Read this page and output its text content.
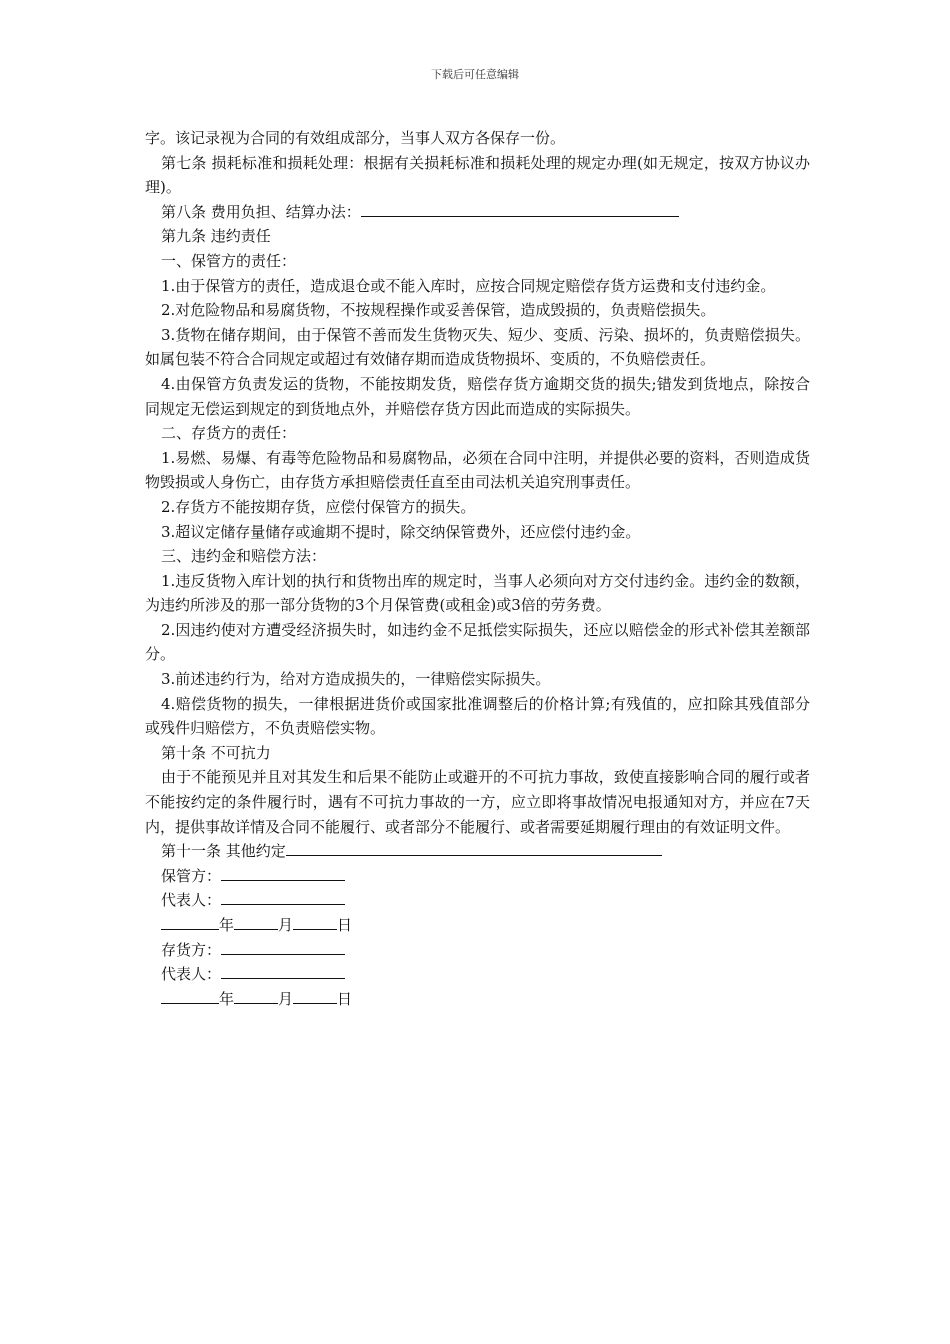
下载后可任意编辑

字。该记录视为合同的有效组成部分，当事人双方各保存一份。

第七条 损耗标准和损耗处理：根据有关损耗标准和损耗处理的规定办理(如无规定，按双方协议办理)。

第八条 费用负担、结算办法：

第九条 违约责任

一、保管方的责任：

1.由于保管方的责任，造成退仓或不能入库时，应按合同规定赔偿存货方运费和支付违约金。

2.对危险物品和易腐货物，不按规程操作或妥善保管，造成毁损的，负责赔偿损失。

3.货物在储存期间，由于保管不善而发生货物灭失、短少、变质、污染、损坏的，负责赔偿损失。如属包装不符合合同规定或超过有效储存期而造成货物损坏、变质的，不负赔偿责任。

4.由保管方负责发运的货物，不能按期发货，赔偿存货方逾期交货的损失;错发到货地点，除按合同规定无偿运到规定的到货地点外，并赔偿存货方因此而造成的实际损失。

二、存货方的责任：

1.易燃、易爆、有毒等危险物品和易腐物品，必须在合同中注明，并提供必要的资料，否则造成货物毁损或人身伤亡，由存货方承担赔偿责任直至由司法机关追究刑事责任。

2.存货方不能按期存货，应偿付保管方的损失。

3.超议定储存量储存或逾期不提时，除交纳保管费外，还应偿付违约金。

三、违约金和赔偿方法：

1.违反货物入库计划的执行和货物出库的规定时，当事人必须向对方交付违约金。违约金的数额，为违约所涉及的那一部分货物的3个月保管费(或租金)或3倍的劳务费。

2.因违约使对方遭受经济损失时，如违约金不足抵偿实际损失，还应以赔偿金的形式补偿其差额部分。

3.前述违约行为，给对方造成损失的，一律赔偿实际损失。

4.赔偿货物的损失，一律根据进货价或国家批准调整后的价格计算;有残值的，应扣除其残值部分或残件归赔偿方，不负责赔偿实物。

第十条 不可抗力

由于不能预见并且对其发生和后果不能防止或避开的不可抗力事故，致使直接影响合同的履行或者不能按约定的条件履行时，遇有不可抗力事故的一方，应立即将事故情况电报通知对方，并应在7天内，提供事故详情及合同不能履行、或者部分不能履行、或者需要延期履行理由的有效证明文件。

第十一条 其他约定

保管方：

代表人：

年	月	日

存货方：

代表人：

年	月	日
